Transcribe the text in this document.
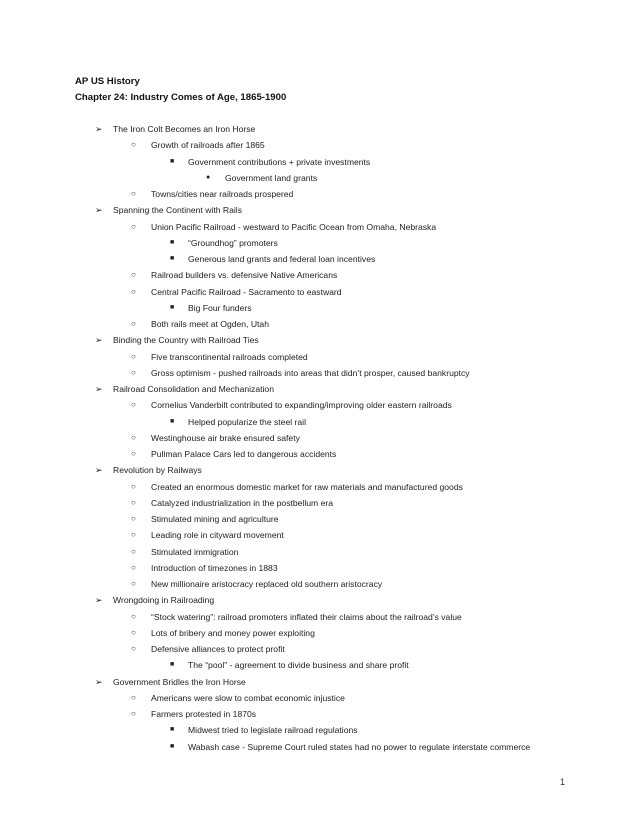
AP US History
Chapter 24: Industry Comes of Age, 1865-1900
➢ The Iron Colt Becomes an Iron Horse
○ Growth of railroads after 1865
■ Government contributions + private investments
● Government land grants
○ Towns/cities near railroads prospered
➢ Spanning the Continent with Rails
○ Union Pacific Railroad - westward to Pacific Ocean from Omaha, Nebraska
■ “Groundhog” promoters
■ Generous land grants and federal loan incentives
○ Railroad builders vs. defensive Native Americans
○ Central Pacific Railroad - Sacramento to eastward
■ Big Four funders
○ Both rails meet at Ogden, Utah
➢ Binding the Country with Railroad Ties
○ Five transcontinental railroads completed
○ Gross optimism - pushed railroads into areas that didn’t prosper, caused bankruptcy
➢ Railroad Consolidation and Mechanization
○ Cornelius Vanderbilt contributed to expanding/improving older eastern railroads
■ Helped popularize the steel rail
○ Westinghouse air brake ensured safety
○ Pullman Palace Cars led to dangerous accidents
➢ Revolution by Railways
○ Created an enormous domestic market for raw materials and manufactured goods
○ Catalyzed industrialization in the postbellum era
○ Stimulated mining and agriculture
○ Leading role in cityward movement
○ Stimulated immigration
○ Introduction of timezones in 1883
○ New millionaire aristocracy replaced old southern aristocracy
➢ Wrongdoing in Railroading
○ “Stock watering”: railroad promoters inflated their claims about the railroad’s value
○ Lots of bribery and money power exploiting
○ Defensive alliances to protect profit
■ The “pool” - agreement to divide business and share profit
➢ Government Bridles the Iron Horse
○ Americans were slow to combat economic injustice
○ Farmers protested in 1870s
■ Midwest tried to legislate railroad regulations
■ Wabash case - Supreme Court ruled states had no power to regulate interstate commerce
1
